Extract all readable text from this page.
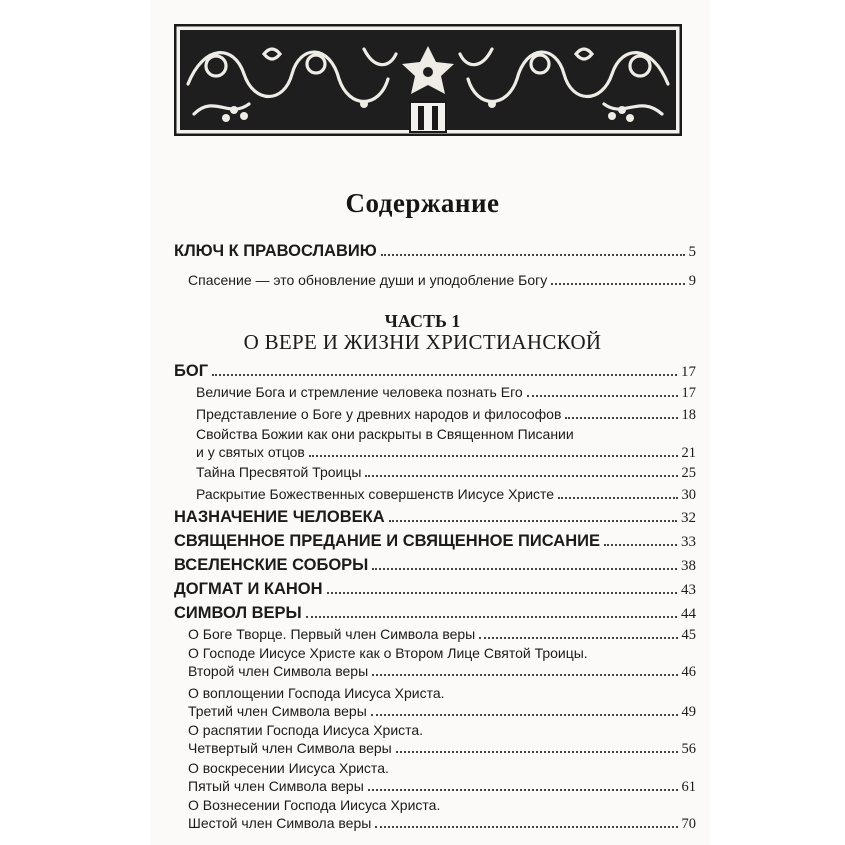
Содержание
КЛЮЧ К ПРАВОСЛАВИЮ	5
Спасение — это обновление души и уподобление Богу	9
ЧАСТЬ 1
О ВЕРЕ И ЖИЗНИ ХРИСТИАНСКОЙ
БОГ	17
Величие Бога и стремление человека познать Его	17
Представление о Боге у древних народов и философов	18
Свойства Божии как они раскрыты в Священном Писании
и у святых отцов	21
Тайна Пресвятой Троицы	25
Раскрытие Божественных совершенств Иисусе Христе	30
НАЗНАЧЕНИЕ ЧЕЛОВЕКА	32
СВЯЩЕННОЕ ПРЕДАНИЕ И СВЯЩЕННОЕ ПИСАНИЕ	33
ВСЕЛЕНСКИЕ СОБОРЫ	38
ДОГМАТ И КАНОН	43
СИМВОЛ ВЕРЫ	44
О Боге Творце. Первый член Символа веры	45
О Господе Иисусе Христе как о Втором Лице Святой Троицы.
Второй член Символа веры	46
О воплощении Господа Иисуса Христа.
Третий член Символа веры	49
О распятии Господа Иисуса Христа.
Четвертый член Символа веры	56
О воскресении Иисуса Христа.
Пятый член Символа веры	61
О Вознесении Господа Иисуса Христа.
Шестой член Символа веры	70
